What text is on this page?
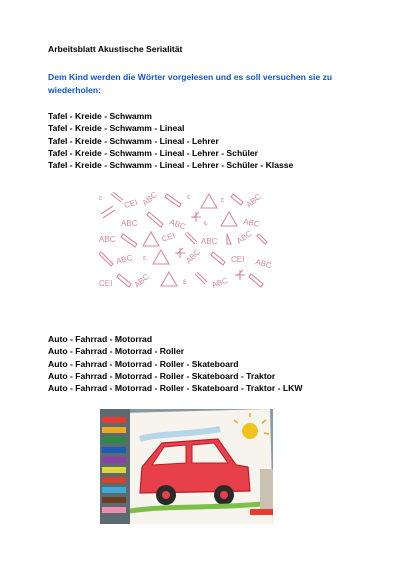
Arbeitsblatt Akustische Serialität
Dem Kind werden die Wörter vorgelesen und es soll versuchen sie zu wiederholen:
Tafel - Kreide - Schwamm
Tafel - Kreide - Schwamm - Lineal
Tafel - Kreide - Schwamm - Lineal - Lehrer
Tafel - Kreide - Schwamm - Lineal - Lehrer - Schüler
Tafel - Kreide - Schwamm - Lineal - Lehrer - Schüler - Klasse
ε	CEI ABC	ε	ε	ABC
ABC	ABC ε	ABC
ABC	CEI	ABC ABC
ABC ε	ABC	CEI ABC
CEI	ABC	ε	ABC
Auto - Fahrrad - Motorrad
Auto - Fahrrad - Motorrad - Roller
Auto - Fahrrad - Motorrad - Roller - Skateboard
Auto - Fahrrad - Motorrad - Roller - Skateboard - Traktor
Auto - Fahrrad - Motorrad - Roller - Skateboard - Traktor - LKW
